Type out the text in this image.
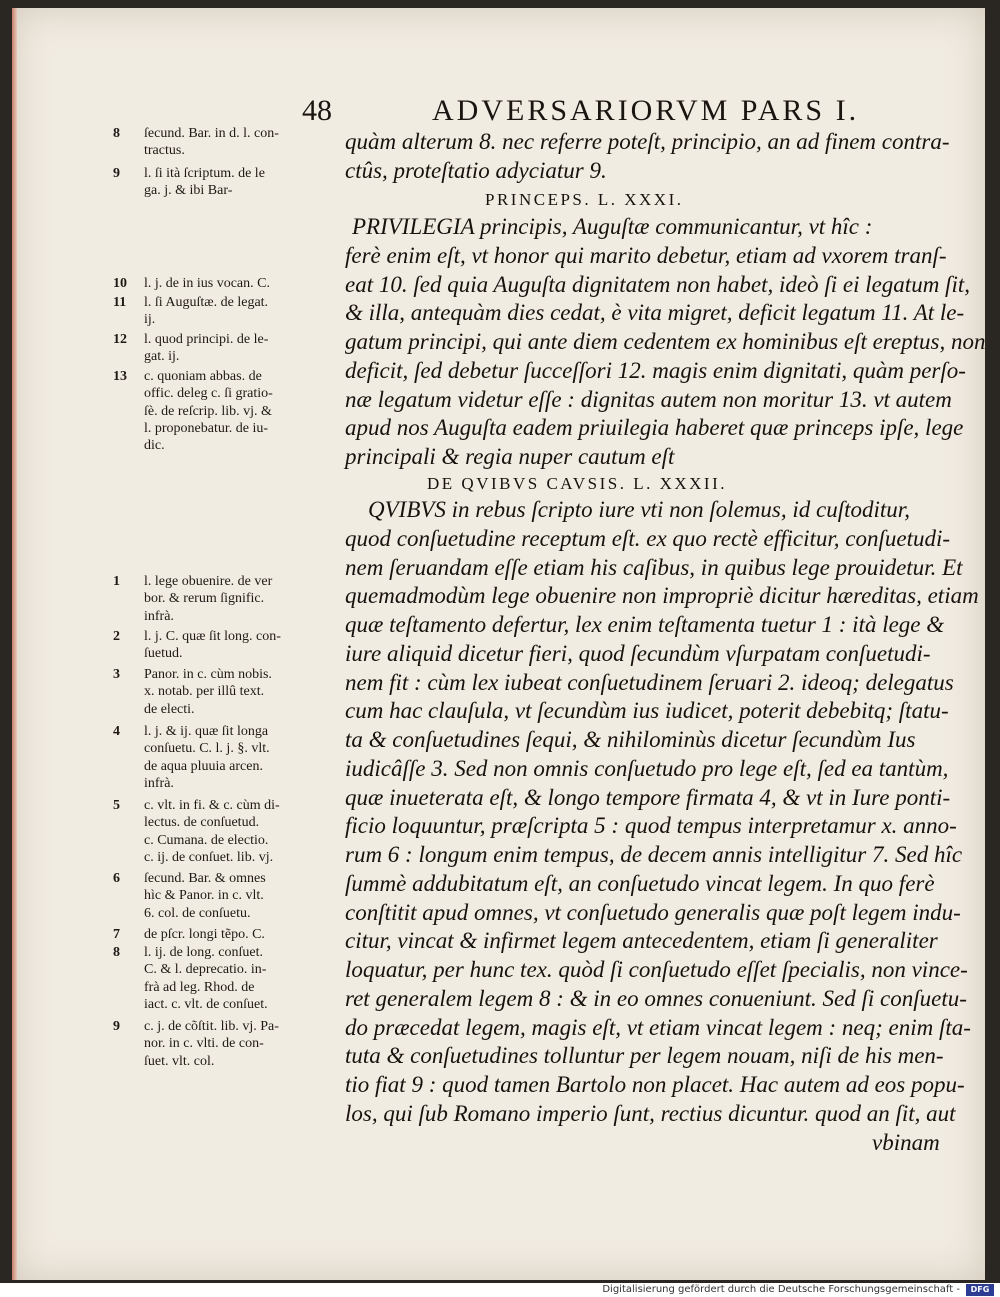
48	ADVERSARIORVM PARS I.
8 ſecund. Bar. in d. l. con-
tractus.
9 l. ſi ità ſcriptum. de le
ga. j. & ibi Bar-
10 l. j. de in ius vocan. C.
11 l. ſi Auguſtæ. de legat.
ij.
12 l. quod principi. de le-
gat. ij.
13 c. quoniam abbas. de
offic. deleg c. ſi gratio-
ſè. de reſcrip. lib. vj. &
l. proponebatur. de iu-
dic.
1 l. lege obuenire. de ver
bor. & rerum ſignific.
infrà.
2 l. j. C. quæ ſit long. con-
ſuetud.
3 Panor. in c. cùm nobis.
x. notab. per illû text.
de electi.
4 l. j. & ij. quæ ſit longa
conſuetu. C. l. j. §. vlt.
de aqua pluuia arcen.
infrà.
5 c. vlt. in fi. & c. cùm di-
lectus. de conſuetud.
c. Cumana. de electio.
c. ij. de conſuet. lib. vj.
6 ſecund. Bar. & omnes
hìc & Panor. in c. vlt.
6. col. de conſuetu.
7 de pſcr. longi tẽpo. C.
8 l. ij. de long. conſuet.
C. & l. deprecatio. in-
frà ad leg. Rhod. de
iact. c. vlt. de conſuet.
9 c. j. de cõſtit. lib. vj. Pa-
nor. in c. vlti. de con-
ſuet. vlt. col.
quàm alterum 8. nec referre poteſt, principio, an ad finem contra-
ctûs, proteſtatio adyciatur 9.
PRINCEPS. L. XXXI.
PRIVILEGIA principis, Auguſtæ communicantur, vt hîc :
ferè enim eſt, vt honor qui marito debetur, etiam ad vxorem tranſ-
eat 10. ſed quia Auguſta dignitatem non habet, ideò ſi ei legatum ſit,
& illa, antequàm dies cedat, è vita migret, deficit legatum 11. At le-
gatum principi, qui ante diem cedentem ex hominibus eſt ereptus, non
deficit, ſed debetur ſucceſſori 12. magis enim dignitati, quàm perſo-
næ legatum videtur eſſe : dignitas autem non moritur 13. vt autem
apud nos Auguſta eadem priuilegia haberet quæ princeps ipſe, lege
principali & regia nuper cautum eſt
DE QVIBVS CAVSIS. L. XXXII.
QVIBVS in rebus ſcripto iure vti non ſolemus, id cuſtoditur,
quod conſuetudine receptum eſt. ex quo rectè efficitur, conſuetudi-
nem ſeruandam eſſe etiam his caſibus, in quibus lege prouidetur. Et
quemadmodùm lege obuenire non impropriè dicitur hæreditas, etiam
quæ teſtamento defertur, lex enim teſtamenta tuetur 1 : ità lege &
iure aliquid dicetur fieri, quod ſecundùm vſurpatam conſuetudi-
nem fit : cùm lex iubeat conſuetudinem ſeruari 2. ideoq; delegatus
cum hac clauſula, vt ſecundùm ius iudicet, poterit debebitq; ſtatu-
ta & conſuetudines ſequi, & nihilominùs dicetur ſecundùm Ius
iudicâſſe 3. Sed non omnis conſuetudo pro lege eſt, ſed ea tantùm,
quæ inueterata eſt, & longo tempore firmata 4, & vt in Iure ponti-
ficio loquuntur, præſcripta 5 : quod tempus interpretamur x. anno-
rum 6 : longum enim tempus, de decem annis intelligitur 7. Sed hîc
ſummè addubitatum eſt, an conſuetudo vincat legem. In quo ferè
conſtitit apud omnes, vt conſuetudo generalis quæ poſt legem indu-
citur, vincat & infirmet legem antecedentem, etiam ſi generaliter
loquatur, per hunc tex. quòd ſi conſuetudo eſſet ſpecialis, non vince-
ret generalem legem 8 : & in eo omnes conueniunt. Sed ſi conſuetu-
do præcedat legem, magis eſt, vt etiam vincat legem : neq; enim ſta-
tuta & conſuetudines tolluntur per legem nouam, niſi de his men-
tio fiat 9 : quod tamen Bartolo non placet. Hac autem ad eos popu-
los, qui ſub Romano imperio ſunt, rectius dicuntur. quod an ſit, aut
vbinam
Digitalisierung gefördert durch die Deutsche Forschungsgemeinschaft -	DFG
